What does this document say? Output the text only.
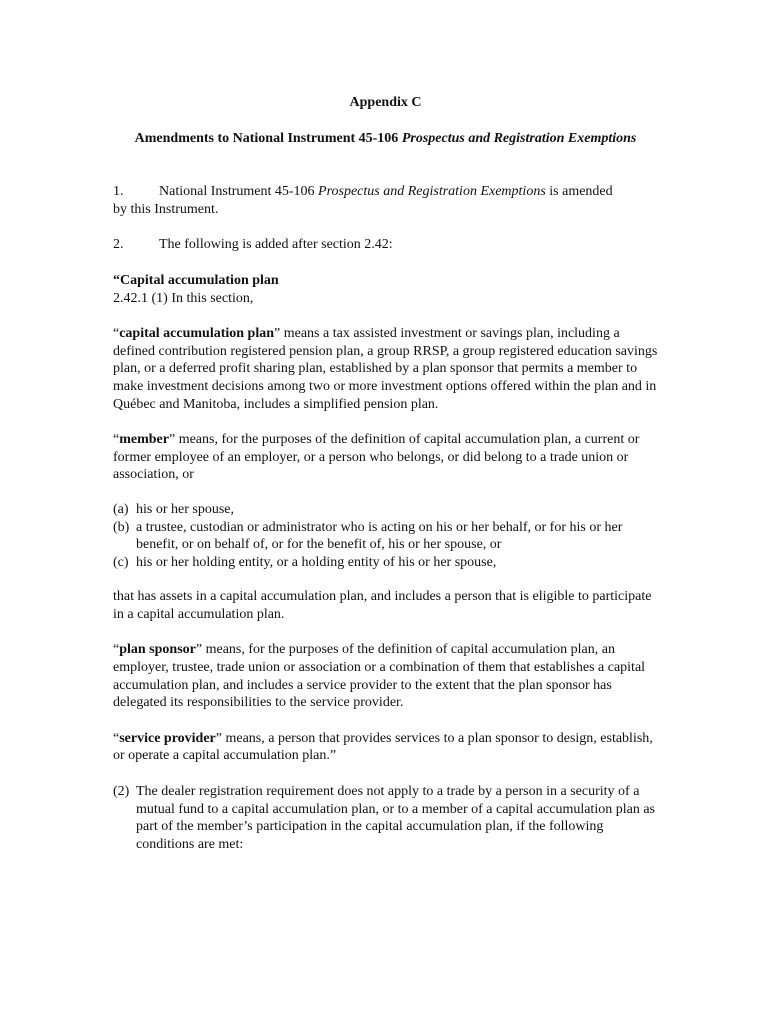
Appendix C

Amendments to National Instrument 45-106 Prospectus and Registration Exemptions

1.	National Instrument 45-106 Prospectus and Registration Exemptions is amended

by this Instrument.

2.	The following is added after section 2.42:

“Capital accumulation plan

2.42.1 (1) In this section,

“capital accumulation plan” means a tax assisted investment or savings plan, including a defined contribution registered pension plan, a group RRSP, a group registered education savings plan, or a deferred profit sharing plan, established by a plan sponsor that permits a member to make investment decisions among two or more investment options offered within the plan and in Québec and Manitoba, includes a simplified pension plan.

“member” means, for the purposes of the definition of capital accumulation plan, a current or former employee of an employer, or a person who belongs, or did belong to a trade union or association, or

(a) his or her spouse,
(b) a trustee, custodian or administrator who is acting on his or her behalf, or for his or her benefit, or on behalf of, or for the benefit of, his or her spouse, or
(c) his or her holding entity, or a holding entity of his or her spouse,

that has assets in a capital accumulation plan, and includes a person that is eligible to participate in a capital accumulation plan.

“plan sponsor” means, for the purposes of the definition of capital accumulation plan, an employer, trustee, trade union or association or a combination of them that establishes a capital accumulation plan, and includes a service provider to the extent that the plan sponsor has delegated its responsibilities to the service provider.

“service provider” means, a person that provides services to a plan sponsor to design, establish, or operate a capital accumulation plan.”

(2) The dealer registration requirement does not apply to a trade by a person in a security of a mutual fund to a capital accumulation plan, or to a member of a capital accumulation plan as part of the member’s participation in the capital accumulation plan, if the following conditions are met:
